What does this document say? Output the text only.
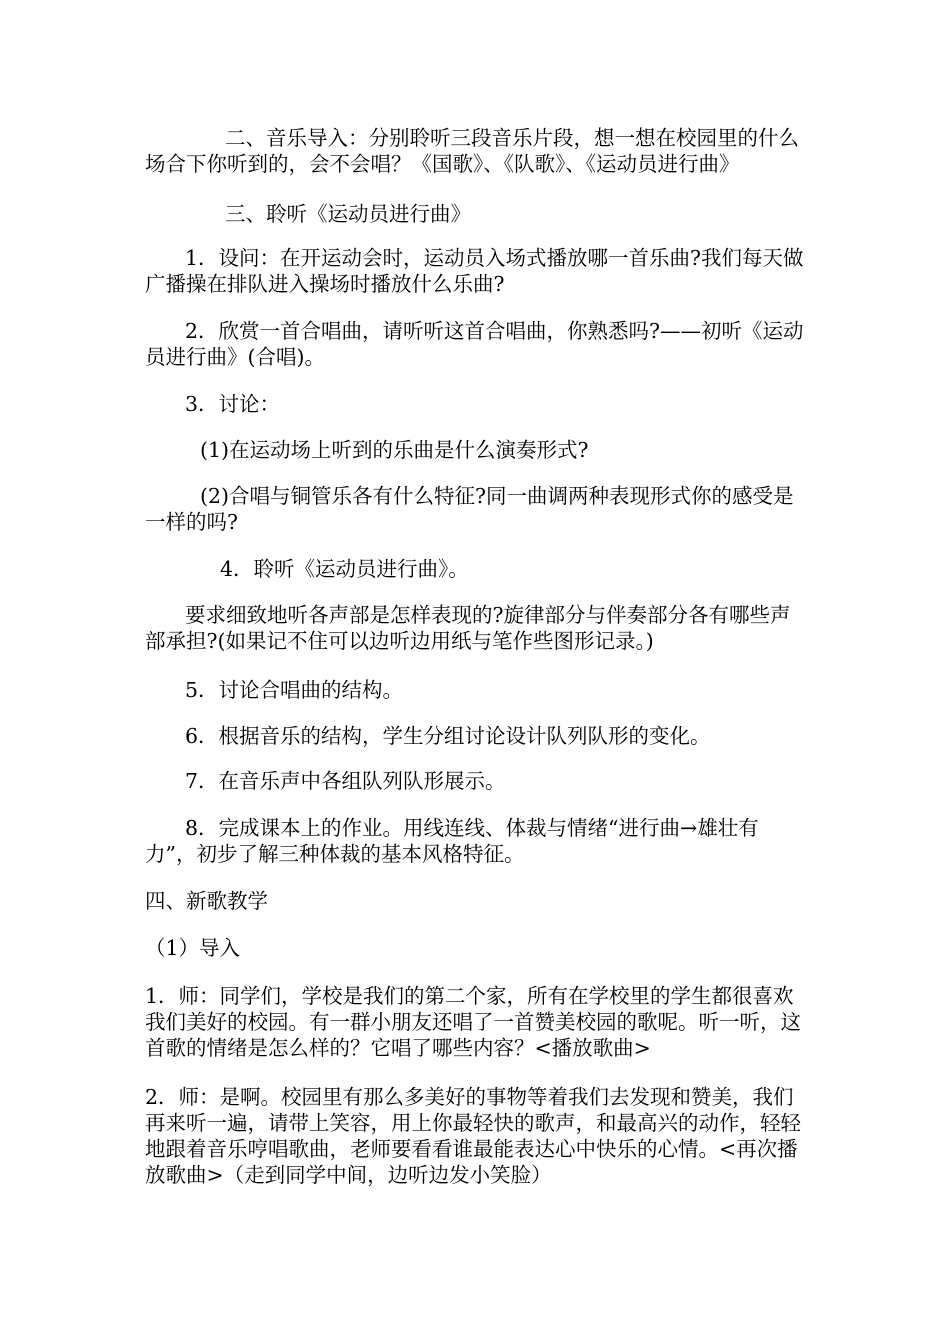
二、音乐导入：分别聆听三段音乐片段，想一想在校园里的什么场合下你听到的，会不会唱？《国歌》、《队歌》、《运动员进行曲》

三、聆听《运动员进行曲》

1．设问：在开运动会时，运动员入场式播放哪一首乐曲?我们每天做广播操在排队进入操场时播放什么乐曲?

2．欣赏一首合唱曲，请听听这首合唱曲，你熟悉吗?——初听《运动员进行曲》(合唱)。

3．讨论：

(1)在运动场上听到的乐曲是什么演奏形式?

(2)合唱与铜管乐各有什么特征?同一曲调两种表现形式你的感受是一样的吗?

4．聆听《运动员进行曲》。

要求细致地听各声部是怎样表现的?旋律部分与伴奏部分各有哪些声部承担?(如果记不住可以边听边用纸与笔作些图形记录。)

5．讨论合唱曲的结构。

6．根据音乐的结构，学生分组讨论设计队列队形的变化。

7．在音乐声中各组队列队形展示。

8．完成课本上的作业。用线连线、体裁与情绪“进行曲→雄壮有力”，初步了解三种体裁的基本风格特征。

四、新歌教学

（1）导入

1．师：同学们，学校是我们的第二个家，所有在学校里的学生都很喜欢我们美好的校园。有一群小朋友还唱了一首赞美校园的歌呢。听一听，这首歌的情绪是怎么样的？它唱了哪些内容？<播放歌曲>

2．师：是啊。校园里有那么多美好的事物等着我们去发现和赞美，我们再来听一遍，请带上笑容，用上你最轻快的歌声，和最高兴的动作，轻轻地跟着音乐哼唱歌曲，老师要看看谁最能表达心中快乐的心情。<再次播放歌曲>（走到同学中间，边听边发小笑脸）
